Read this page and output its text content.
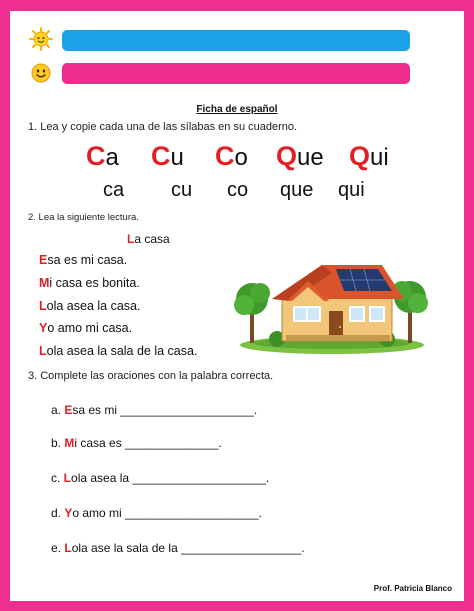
Ficha de español
1. Lea y copie cada una de las sílabas en su cuaderno.
Ca Cu Co Que Qui
ca cu co que qui
2. Lea la siguiente lectura.
La casa
Esa es mi casa.
Mi casa es bonita.
Lola asea la casa.
Yo amo mi casa.
Lola asea la sala de la casa.
3. Complete las oraciones con la palabra correcta.
a. Esa es mi ____________________.
b. Mi casa es ______________.
c. Lola asea la ____________________.
d. Yo amo mi ____________________.
e. Lola ase la sala de la __________________.
Prof. Patricia Blanco
